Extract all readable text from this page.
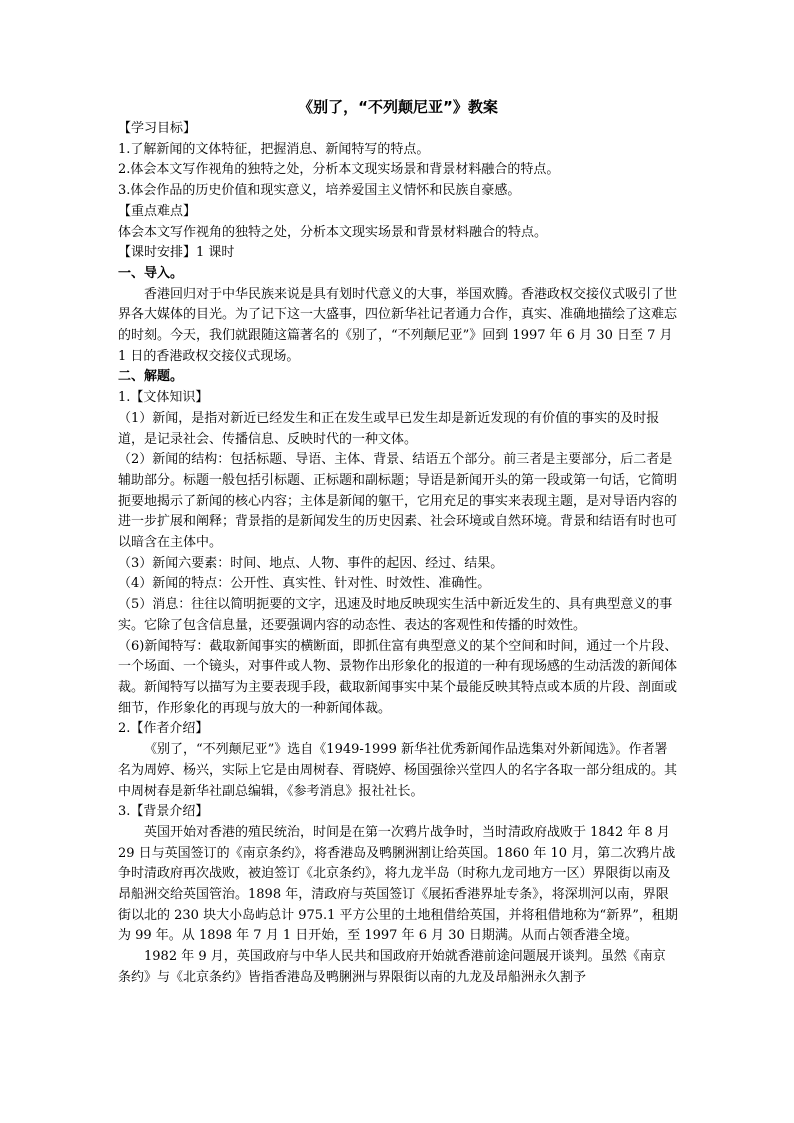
《别了，“不列颠尼亚”》教案

【学习目标】

1.了解新闻的文体特征，把握消息、新闻特写的特点。

2.体会本文写作视角的独特之处，分析本文现实场景和背景材料融合的特点。

3.体会作品的历史价值和现实意义，培养爱国主义情怀和民族自豪感。

【重点难点】

体会本文写作视角的独特之处，分析本文现实场景和背景材料融合的特点。

【课时安排】1 课时

一、导入。

香港回归对于中华民族来说是具有划时代意义的大事，举国欢腾。香港政权交接仪式吸引了世界各大媒体的目光。为了记下这一大盛事，四位新华社记者通力合作，真实、准确地描绘了这难忘的时刻。今天，我们就跟随这篇著名的《别了，“不列颠尼亚”》回到 1997 年 6 月 30 日至 7 月 1 日的香港政权交接仪式现场。

二、解题。

1.【文体知识】

（1）新闻，是指对新近已经发生和正在发生或早已发生却是新近发现的有价值的事实的及时报道，是记录社会、传播信息、反映时代的一种文体。

（2）新闻的结构：包括标题、导语、主体、背景、结语五个部分。前三者是主要部分，后二者是辅助部分。标题一般包括引标题、正标题和副标题；导语是新闻开头的第一段或第一句话，它简明扼要地揭示了新闻的核心内容；主体是新闻的躯干，它用充足的事实来表现主题，是对导语内容的进一步扩展和阐释；背景指的是新闻发生的历史因素、社会环境或自然环境。背景和结语有时也可以暗含在主体中。

（3）新闻六要素：时间、地点、人物、事件的起因、经过、结果。

（4）新闻的特点：公开性、真实性、针对性、时效性、准确性。

（5）消息：往往以简明扼要的文字，迅速及时地反映现实生活中新近发生的、具有典型意义的事实。它除了包含信息量，还要强调内容的动态性、表达的客观性和传播的时效性。

（6)新闻特写：截取新闻事实的横断面，即抓住富有典型意义的某个空间和时间，通过一个片段、一个场面、一个镜头，对事件或人物、景物作出形象化的报道的一种有现场感的生动活泼的新闻体裁。新闻特写以描写为主要表现手段，截取新闻事实中某个最能反映其特点或本质的片段、剖面或细节，作形象化的再现与放大的一种新闻体裁。

2.【作者介绍】

《别了，“不列颠尼亚”》选自《1949-1999 新华社优秀新闻作品选集对外新闻选》。作者署名为周婷、杨兴，实际上它是由周树春、胥晓婷、杨国强徐兴堂四人的名字各取一部分组成的。其中周树春是新华社副总编辑，《参考消息》报社社长。

3.【背景介绍】

英国开始对香港的殖民统治，时间是在第一次鸦片战争时，当时清政府战败于 1842 年 8 月 29 日与英国签订的《南京条约》，将香港岛及鸭脷洲割让给英国。1860 年 10 月，第二次鸦片战争时清政府再次战败，被迫签订《北京条约》，将九龙半岛（时称九龙司地方一区）界限街以南及昂船洲交给英国管治。1898 年，清政府与英国签订《展拓香港界址专条》，将深圳河以南，界限街以北的 230 块大小岛屿总计 975.1 平方公里的土地租借给英国，并将租借地称为“新界”，租期为 99 年。从 1898 年 7 月 1 日开始，至 1997 年 6 月 30 日期满。从而占领香港全境。

1982 年 9 月，英国政府与中华人民共和国政府开始就香港前途问题展开谈判。虽然《南京条约》与《北京条约》皆指香港岛及鸭脷洲与界限街以南的九龙及昂船洲永久割予
